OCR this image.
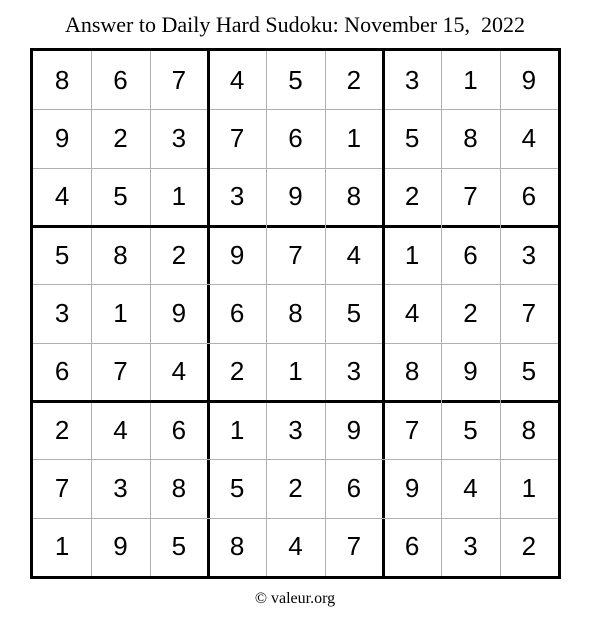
Answer to Daily Hard Sudoku: November 15,  2022
8	6	7	4	5	2	3	1	9
9	2	3	7	6	1	5	8	4
4	5	1	3	9	8	2	7	6
5	8	2	9	7	4	1	6	3
3	1	9	6	8	5	4	2	7
6	7	4	2	1	3	8	9	5
2	4	6	1	3	9	7	5	8
7	3	8	5	2	6	9	4	1
1	9	5	8	4	7	6	3	2
© valeur.org
